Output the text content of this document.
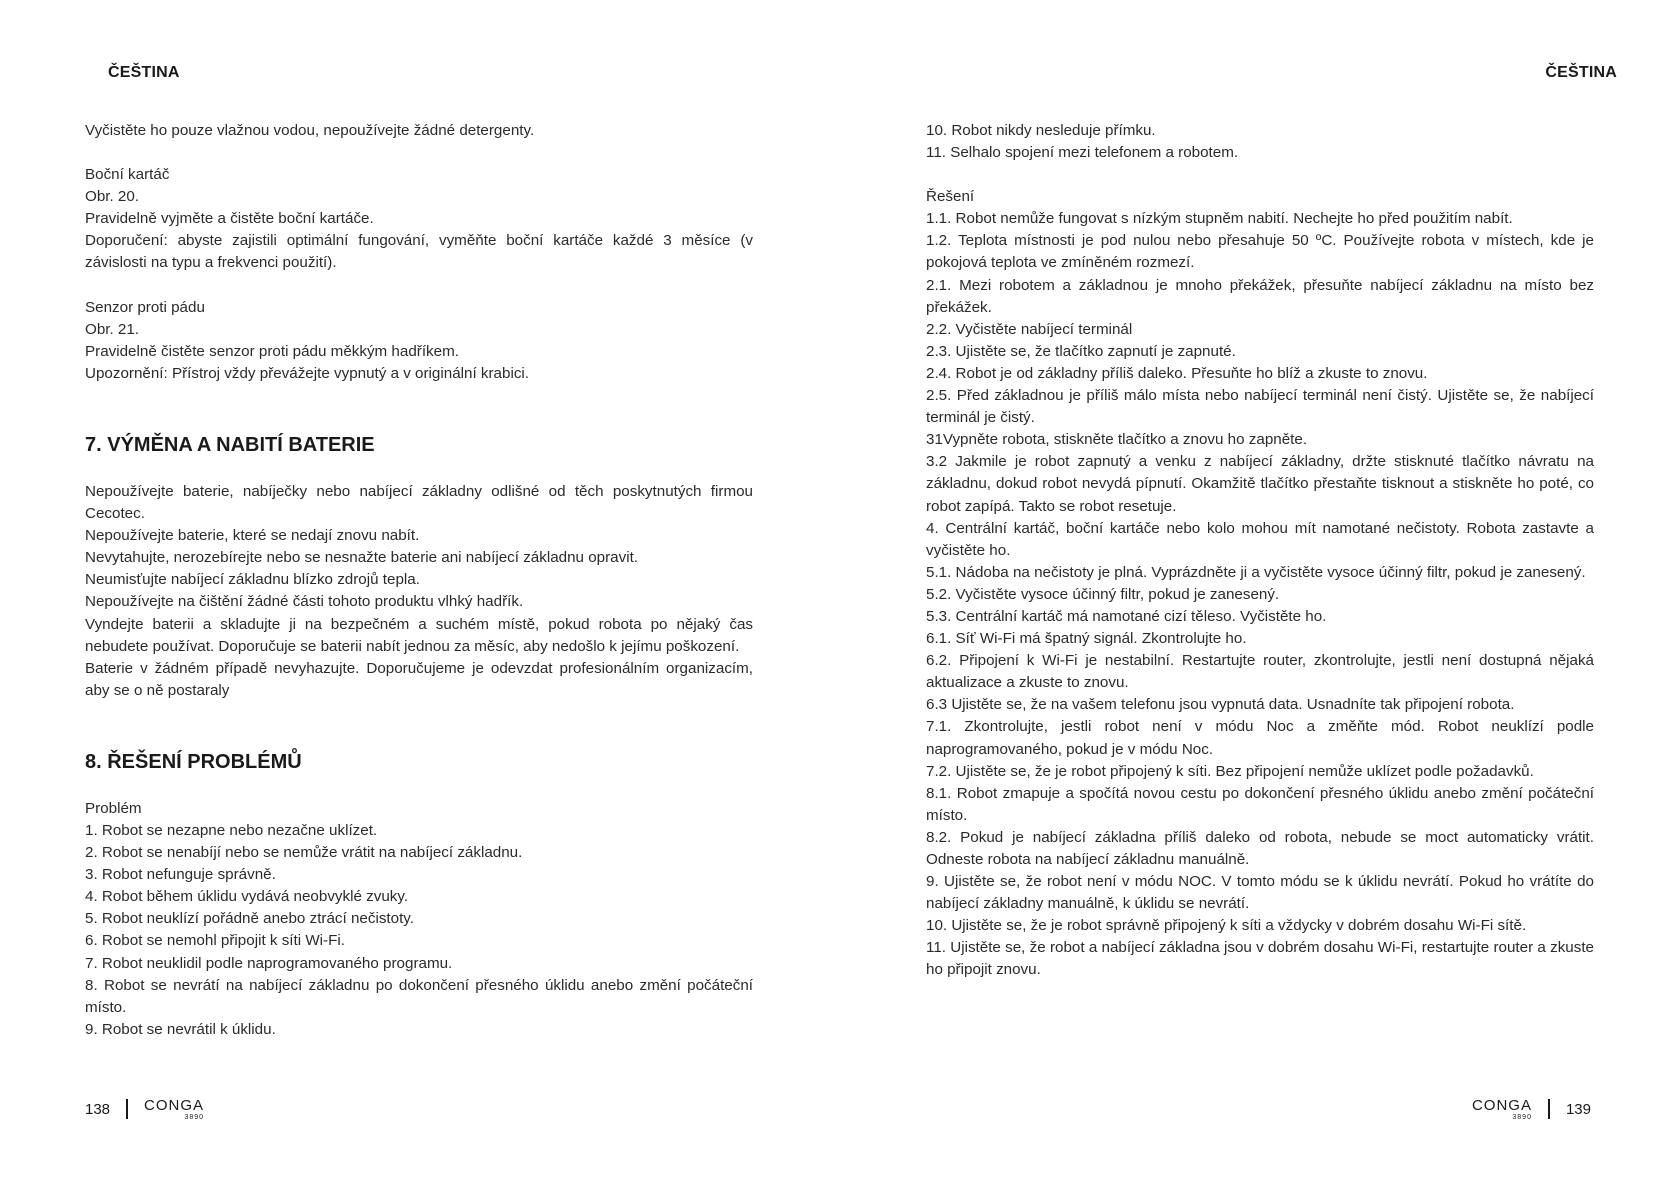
ČEŠTINA

Vyčistěte ho pouze vlažnou vodou, nepoužívejte žádné detergenty.

Boční kartáč

Obr. 20.

Pravidelně vyjměte a čistěte boční kartáče.

Doporučení: abyste zajistili optimální fungování, vyměňte boční kartáče každé 3 měsíce (v závislosti na typu a frekvenci použití).

Senzor proti pádu

Obr. 21.

Pravidelně čistěte senzor proti pádu měkkým hadříkem.

Upozornění: Přístroj vždy převážejte vypnutý a v originální krabici.

7. VÝMĚNA A NABITÍ BATERIE

Nepoužívejte baterie, nabíječky nebo nabíjecí základny odlišné od těch poskytnutých firmou Cecotec.

Nepoužívejte baterie, které se nedají znovu nabít.

Nevytahujte, nerozebírejte nebo se nesnažte baterie ani nabíjecí základnu opravit.

Neumisťujte nabíjecí základnu blízko zdrojů tepla.

Nepoužívejte na čištění žádné části tohoto produktu vlhký hadřík.

Vyndejte baterii a skladujte ji na bezpečném a suchém místě, pokud robota po nějaký čas nebudete používat. Doporučuje se baterii nabít jednou za měsíc, aby nedošlo k jejímu poškození.

Baterie v žádném případě nevyhazujte. Doporučujeme je odevzdat profesionálním organizacím, aby se o ně postaraly

8. ŘEŠENÍ PROBLÉMŮ

Problém

1. Robot se nezapne nebo nezačne uklízet.

2. Robot se nenabíjí nebo se nemůže vrátit na nabíjecí základnu.

3. Robot nefunguje správně.

4. Robot během úklidu vydává neobvyklé zvuky.

5. Robot neuklízí pořádně anebo ztrácí nečistoty.

6. Robot se nemohl připojit k síti Wi-Fi.

7. Robot neuklidil podle naprogramovaného programu.

8. Robot se nevrátí na nabíjecí základnu po dokončení přesného úklidu anebo změní počáteční místo.

9. Robot se nevrátil k úklidu.

138 CONGA
3890
ČEŠTINA

10. Robot nikdy nesleduje přímku.

11. Selhalo spojení mezi telefonem a robotem.

Řešení

1.1. Robot nemůže fungovat s nízkým stupněm nabití. Nechejte ho před použitím nabít.

1.2. Teplota místnosti je pod nulou nebo přesahuje 50 ºC. Používejte robota v místech, kde je pokojová teplota ve zmíněném rozmezí.

2.1. Mezi robotem a základnou je mnoho překážek, přesuňte nabíjecí základnu na místo bez překážek.

2.2. Vyčistěte nabíjecí terminál

2.3. Ujistěte se, že tlačítko zapnutí je zapnuté.

2.4. Robot je od základny příliš daleko. Přesuňte ho blíž a zkuste to znovu.

2.5. Před základnou je příliš málo místa nebo nabíjecí terminál není čistý. Ujistěte se, že nabíjecí terminál je čistý.

31Vypněte robota, stiskněte tlačítko a znovu ho zapněte.

3.2 Jakmile je robot zapnutý a venku z nabíjecí základny, držte stisknuté tlačítko návratu na základnu, dokud robot nevydá pípnutí. Okamžitě tlačítko přestaňte tisknout a stiskněte ho poté, co robot zapípá. Takto se robot resetuje.

4. Centrální kartáč, boční kartáče nebo kolo mohou mít namotané nečistoty. Robota zastavte a vyčistěte ho.

5.1. Nádoba na nečistoty je plná. Vyprázdněte ji a vyčistěte vysoce účinný filtr, pokud je zanesený.

5.2. Vyčistěte vysoce účinný filtr, pokud je zanesený.

5.3. Centrální kartáč má namotané cizí těleso. Vyčistěte ho.

6.1. Síť Wi-Fi má špatný signál. Zkontrolujte ho.

6.2. Připojení k Wi-Fi je nestabilní. Restartujte router, zkontrolujte, jestli není dostupná nějaká aktualizace a zkuste to znovu.

6.3 Ujistěte se, že na vašem telefonu jsou vypnutá data. Usnadníte tak připojení robota.

7.1. Zkontrolujte, jestli robot není v módu Noc a změňte mód. Robot neuklízí podle naprogramovaného, pokud je v módu Noc.

7.2. Ujistěte se, že je robot připojený k síti. Bez připojení nemůže uklízet podle požadavků.

8.1. Robot zmapuje a spočítá novou cestu po dokončení přesného úklidu anebo změní počáteční místo.

8.2. Pokud je nabíjecí základna příliš daleko od robota, nebude se moct automaticky vrátit. Odneste robota na nabíjecí základnu manuálně.

9. Ujistěte se, že robot není v módu NOC. V tomto módu se k úklidu nevrátí. Pokud ho vrátíte do nabíjecí základny manuálně, k úklidu se nevrátí.

10. Ujistěte se, že je robot správně připojený k síti a vždycky v dobrém dosahu Wi-Fi sítě.

11. Ujistěte se, že robot a nabíjecí základna jsou v dobrém dosahu Wi-Fi, restartujte router a zkuste ho připojit znovu.

CONGA
3890 139
